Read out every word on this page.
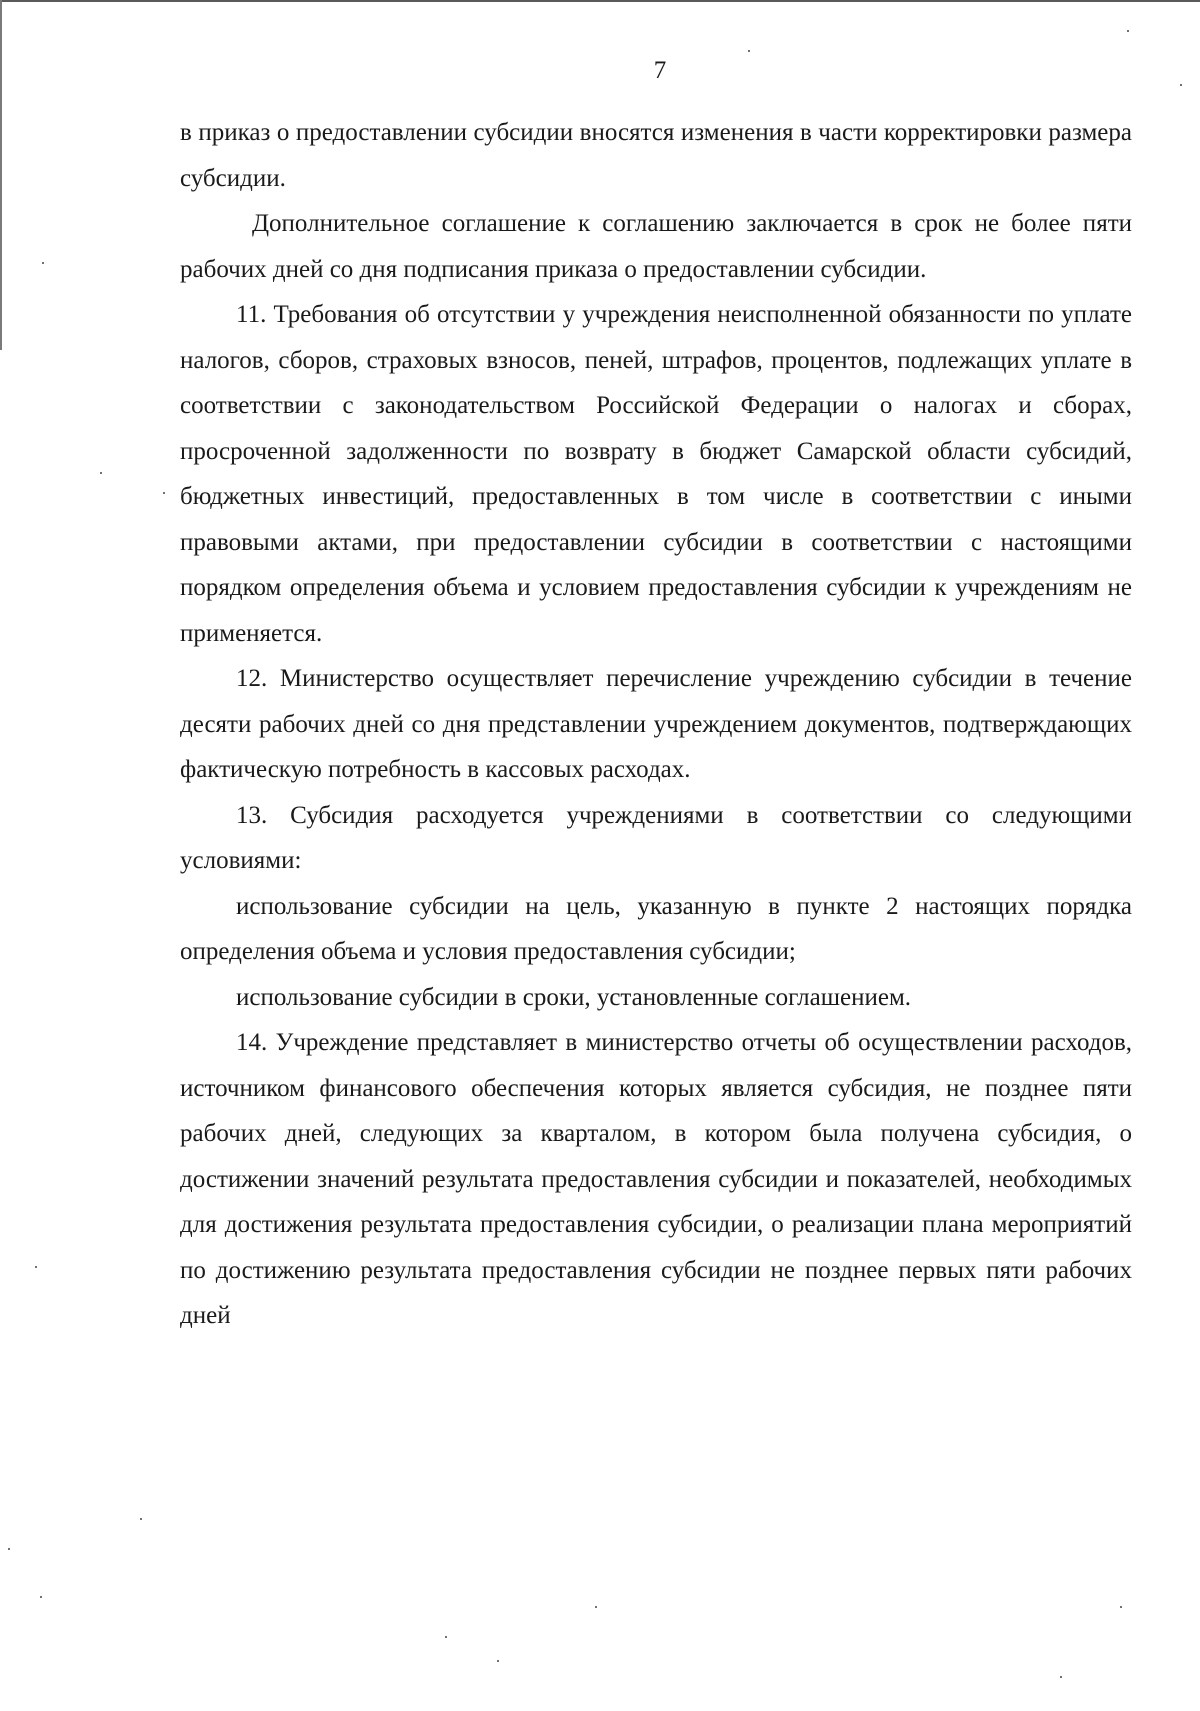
7

в приказ о предоставлении субсидии вносятся изменения в части корректировки размера субсидии.

Дополнительное соглашение к соглашению заключается в срок не более пяти рабочих дней со дня подписания приказа о предоставлении субсидии.

11. Требования об отсутствии у учреждения неисполненной обязанности по уплате налогов, сборов, страховых взносов, пеней, штрафов, процентов, подлежащих уплате в соответствии с законодательством Российской Федерации о налогах и сборах, просроченной задолженности по возврату в бюджет Самарской области субсидий, бюджетных инвестиций, предоставленных в том числе в соответствии с иными правовыми актами, при предоставлении субсидии в соответствии с настоящими порядком определения объема и условием предоставления субсидии к учреждениям не применяется.

12. Министерство осуществляет перечисление учреждению субсидии в течение десяти рабочих дней со дня представлении учреждением документов, подтверждающих фактическую потребность в кассовых расходах.

13. Субсидия расходуется учреждениями в соответствии со следующими условиями:

использование субсидии на цель, указанную в пункте 2 настоящих порядка определения объема и условия предоставления субсидии;

использование субсидии в сроки, установленные соглашением.

14. Учреждение представляет в министерство отчеты об осуществлении расходов, источником финансового обеспечения которых является субсидия, не позднее пяти рабочих дней, следующих за кварталом, в котором была получена субсидия, о достижении значений результата предоставления субсидии и показателей, необходимых для достижения результата предоставления субсидии, о реализации плана мероприятий по достижению результата предоставления субсидии не позднее первых пяти рабочих дней
